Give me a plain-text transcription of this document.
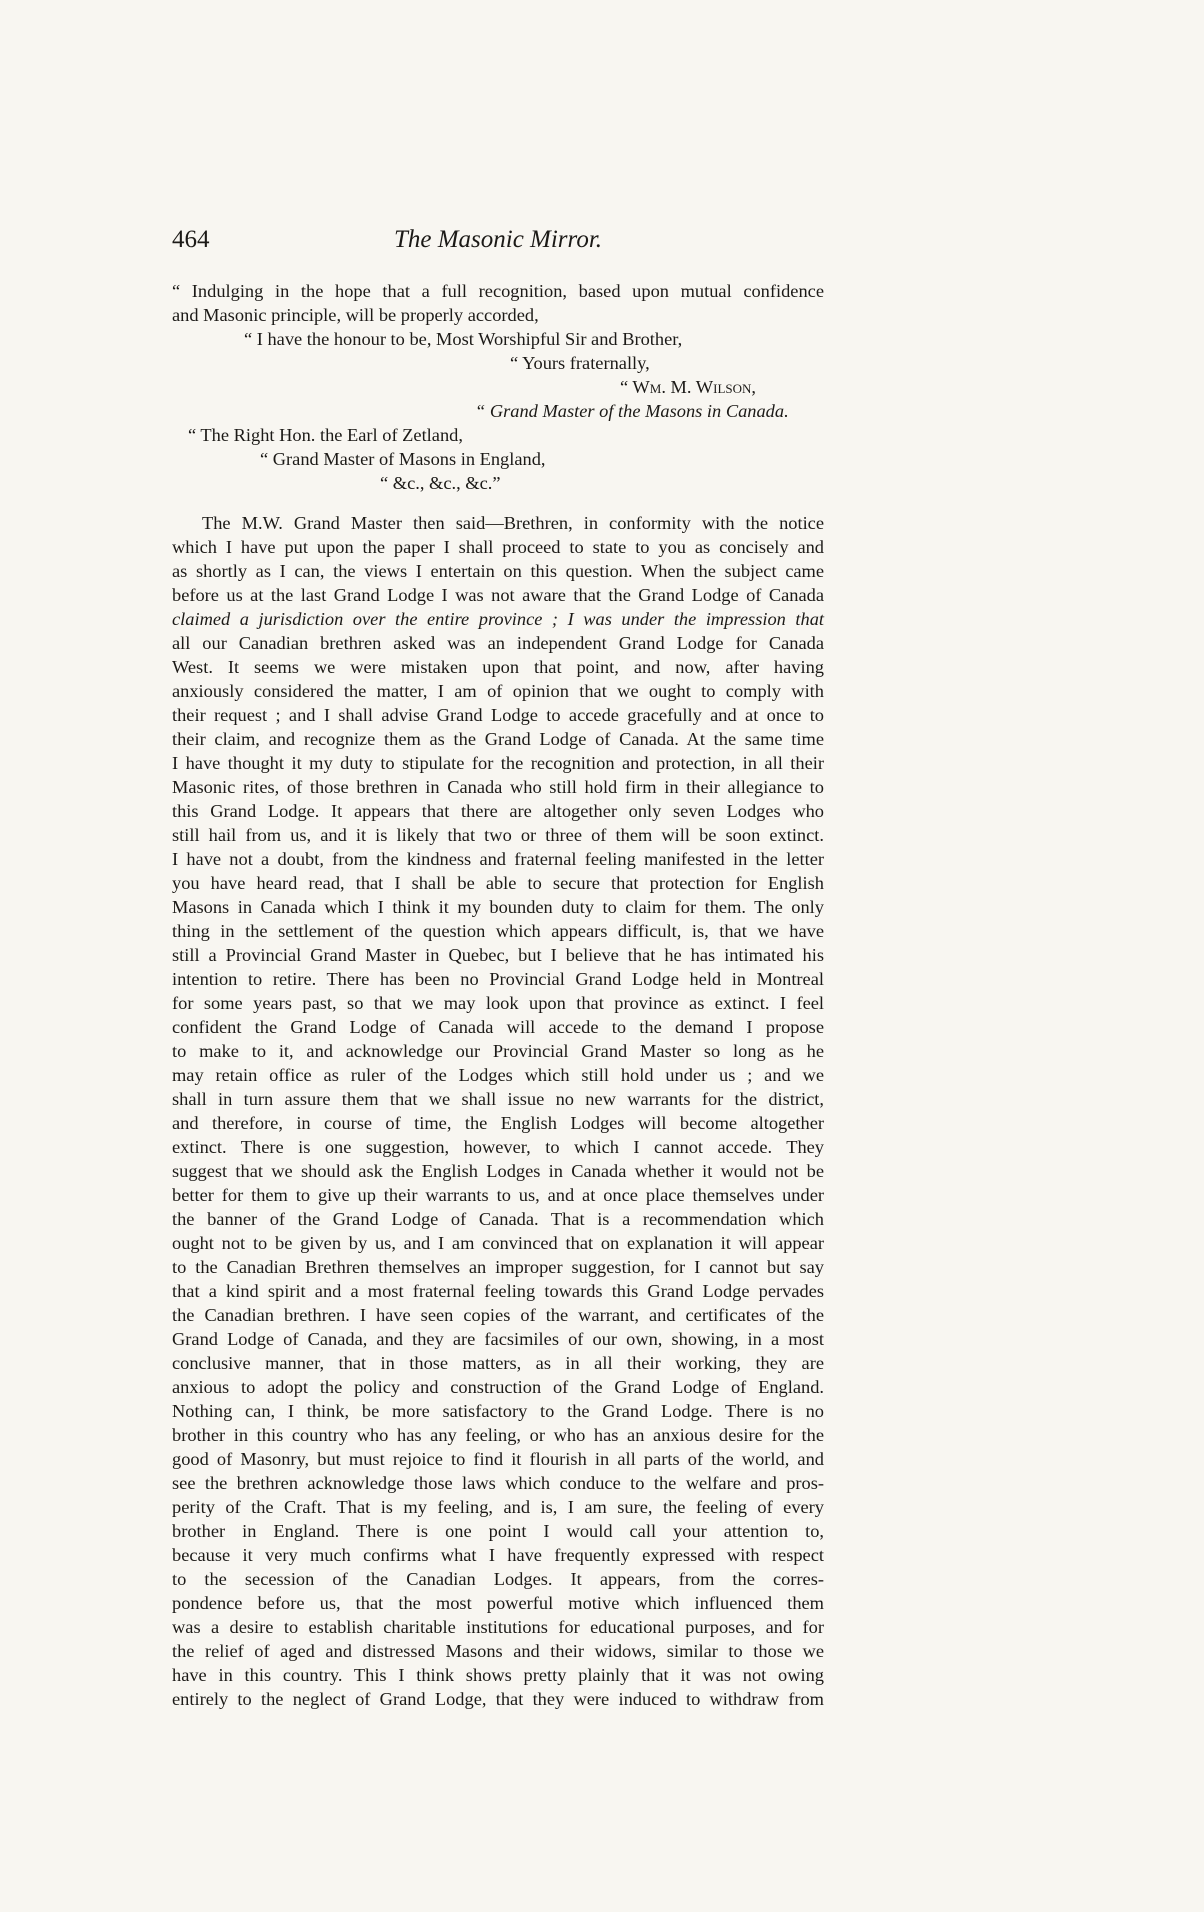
464	The Masonic Mirror.

“ Indulging in the hope that a full recognition, based upon mutual confidence

and Masonic principle, will be properly accorded,

“ I have the honour to be, Most Worshipful Sir and Brother,

“ Yours fraternally,

“ Wm. M. Wilson,

“ Grand Master of the Masons in Canada.

“ The Right Hon. the Earl of Zetland,

“ Grand Master of Masons in England,

“ &c., &c., &c.”

The M.W. Grand Master then said—Brethren, in conformity with the notice

which I have put upon the paper I shall proceed to state to you as concisely and

as shortly as I can, the views I entertain on this question. When the subject came

before us at the last Grand Lodge I was not aware that the Grand Lodge of Canada

claimed a jurisdiction over the entire province ; I was under the impression that

all our Canadian brethren asked was an independent Grand Lodge for Canada

West. It seems we were mistaken upon that point, and now, after having

anxiously considered the matter, I am of opinion that we ought to comply with

their request ; and I shall advise Grand Lodge to accede gracefully and at once to

their claim, and recognize them as the Grand Lodge of Canada. At the same time

I have thought it my duty to stipulate for the recognition and protection, in all their

Masonic rites, of those brethren in Canada who still hold firm in their allegiance to

this Grand Lodge. It appears that there are altogether only seven Lodges who

still hail from us, and it is likely that two or three of them will be soon extinct.

I have not a doubt, from the kindness and fraternal feeling manifested in the letter

you have heard read, that I shall be able to secure that protection for English

Masons in Canada which I think it my bounden duty to claim for them. The only

thing in the settlement of the question which appears difficult, is, that we have

still a Provincial Grand Master in Quebec, but I believe that he has intimated his

intention to retire. There has been no Provincial Grand Lodge held in Montreal

for some years past, so that we may look upon that province as extinct. I feel

confident the Grand Lodge of Canada will accede to the demand I propose

to make to it, and acknowledge our Provincial Grand Master so long as he

may retain office as ruler of the Lodges which still hold under us ; and we

shall in turn assure them that we shall issue no new warrants for the district,

and therefore, in course of time, the English Lodges will become altogether

extinct. There is one suggestion, however, to which I cannot accede. They

suggest that we should ask the English Lodges in Canada whether it would not be

better for them to give up their warrants to us, and at once place themselves under

the banner of the Grand Lodge of Canada. That is a recommendation which

ought not to be given by us, and I am convinced that on explanation it will appear

to the Canadian Brethren themselves an improper suggestion, for I cannot but say

that a kind spirit and a most fraternal feeling towards this Grand Lodge pervades

the Canadian brethren. I have seen copies of the warrant, and certificates of the

Grand Lodge of Canada, and they are facsimiles of our own, showing, in a most

conclusive manner, that in those matters, as in all their working, they are

anxious to adopt the policy and construction of the Grand Lodge of England.

Nothing can, I think, be more satisfactory to the Grand Lodge. There is no

brother in this country who has any feeling, or who has an anxious desire for the

good of Masonry, but must rejoice to find it flourish in all parts of the world, and

see the brethren acknowledge those laws which conduce to the welfare and pros-

perity of the Craft. That is my feeling, and is, I am sure, the feeling of every

brother in England. There is one point I would call your attention to,

because it very much confirms what I have frequently expressed with respect

to the secession of the Canadian Lodges. It appears, from the corres-

pondence before us, that the most powerful motive which influenced them

was a desire to establish charitable institutions for educational purposes, and for

the relief of aged and distressed Masons and their widows, similar to those we

have in this country. This I think shows pretty plainly that it was not owing

entirely to the neglect of Grand Lodge, that they were induced to withdraw from
